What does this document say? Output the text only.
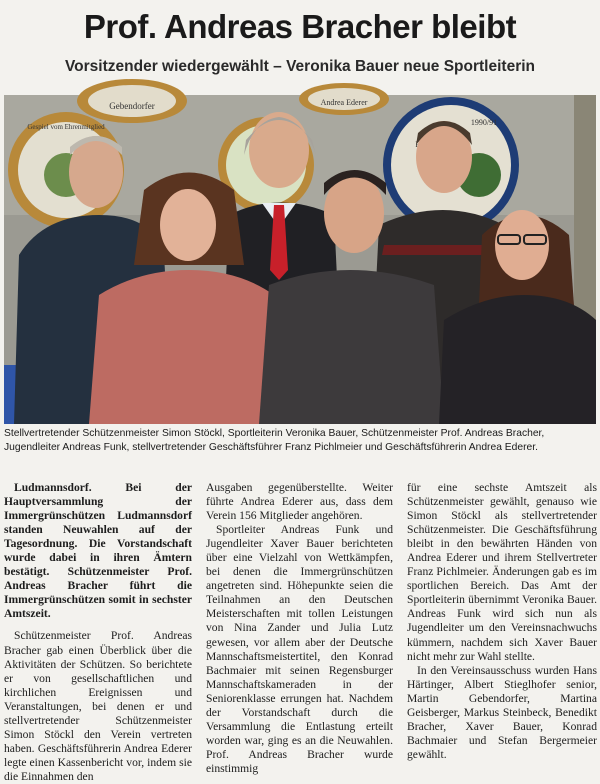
Prof. Andreas Bracher bleibt
Vorsitzender wiedergewählt – Veronika Bauer neue Sportleiterin
Gebendorfer	Andrea Ederer
Gespiel vom Ehrenmitglied	1990/91
Stellvertretender Schützenmeister Simon Stöckl, Sportleiterin Veronika Bauer, Schützenmeister Prof. Andreas Bracher, Jugendleiter Andreas Funk, stellvertretender Geschäftsführer Franz Pichlmeier und Geschäftsführerin Andrea Ederer.

Ludmannsdorf. Bei der Hauptversammlung der Immergrünschützen Ludmannsdorf standen Neuwahlen auf der Tagesordnung. Die Vorstandschaft wurde dabei in ihren Ämtern bestätigt. Schützenmeister Prof. Andreas Bracher führt die Immergrünschützen somit in sechster Amtszeit.

Schützenmeister Prof. Andreas Bracher gab einen Überblick über die Aktivitäten der Schützen. So berichtete er von gesellschaftlichen und kirchlichen Ereignissen und Veranstaltungen, bei denen er und stellvertretender Schützenmeister Simon Stöckl den Verein vertreten haben. Geschäftsführerin Andrea Ederer legte einen Kassenbericht vor, indem sie die Einnahmen den

Ausgaben gegenüberstellte. Weiter führte Andrea Ederer aus, dass dem Verein 156 Mitglieder angehören.

Sportleiter Andreas Funk und Jugendleiter Xaver Bauer berichteten über eine Vielzahl von Wettkämpfen, bei denen die Immergrünschützen angetreten sind. Höhepunkte seien die Teilnahmen an den Deutschen Meisterschaften mit tollen Leistungen von Nina Zander und Julia Lutz gewesen, vor allem aber der Deutsche Mannschaftsmeistertitel, den Konrad Bachmaier mit seinen Regensburger Mannschaftskameraden in der Seniorenklasse errungen hat. Nachdem der Vorstandschaft durch die Versammlung die Entlastung erteilt worden war, ging es an die Neuwahlen. Prof. Andreas Bracher wurde einstimmig

für eine sechste Amtszeit als Schützenmeister gewählt, genauso wie Simon Stöckl als stellvertretender Schützenmeister. Die Geschäftsführung bleibt in den bewährten Händen von Andrea Ederer und ihrem Stellvertreter Franz Pichlmeier. Änderungen gab es im sportlichen Bereich. Das Amt der Sportleiterin übernimmt Veronika Bauer. Andreas Funk wird sich nun als Jugendleiter um den Vereinsnachwuchs kümmern, nachdem sich Xaver Bauer nicht mehr zur Wahl stellte.

In den Vereinsausschuss wurden Hans Härtinger, Albert Stieglhofer senior, Martin Gebendorfer, Martina Geisberger, Markus Steinbeck, Benedikt Bracher, Xaver Bauer, Konrad Bachmaier und Stefan Bergermeier gewählt.
